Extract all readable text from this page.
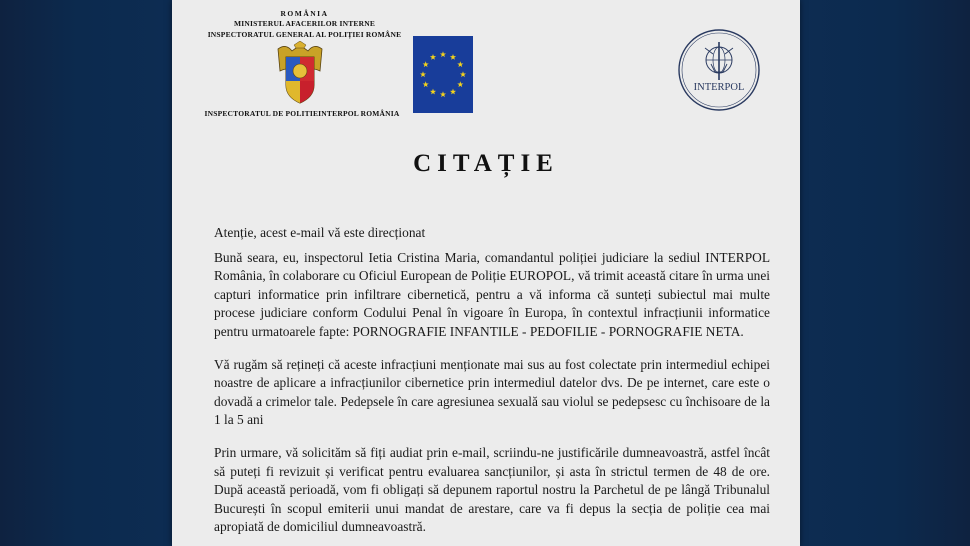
ROMÂNIA
MINISTERUL AFACERILOR INTERNE
INSPECTORATUL GENERAL AL POLIȚIEI ROMÂNE
INTERPOL
INSPECTORATUL DE POLITIEINTERPOL ROMÂNIA
CITAȚIE

Atenție, acest e-mail vă este direcționat

Bună seara, eu, inspectorul Ietia Cristina Maria, comandantul poliției judiciare la sediul INTERPOL România, în colaborare cu Oficiul European de Poliție EUROPOL, vă trimit această citare în urma unei capturi informatice prin infiltrare cibernetică, pentru a vă informa că sunteți subiectul mai multe procese judiciare conform Codului Penal în vigoare în Europa, în contextul infracțiunii informatice pentru urmatoarele fapte: PORNOGRAFIE INFANTILE - PEDOFILIE - PORNOGRAFIE NETA.

Vă rugăm să rețineți că aceste infracțiuni menționate mai sus au fost colectate prin intermediul echipei noastre de aplicare a infracțiunilor cibernetice prin intermediul datelor dvs. De pe internet, care este o dovadă a crimelor tale. Pedepsele în care agresiunea sexuală sau violul se pedepsesc cu închisoare de la 1 la 5 ani

Prin urmare, vă solicităm să fiți audiat prin e-mail, scriindu-ne justificările dumneavoastră, astfel încât să puteți fi revizuit și verificat pentru evaluarea sancțiunilor, și asta în strictul termen de 48 de ore. După această perioadă, vom fi obligați să depunem raportul nostru la Parchetul de pe lângă Tribunalul București în scopul emiterii unui mandat de arestare, care va fi depus la secția de poliție cea mai apropiată de domiciliul dumneavoastră.
